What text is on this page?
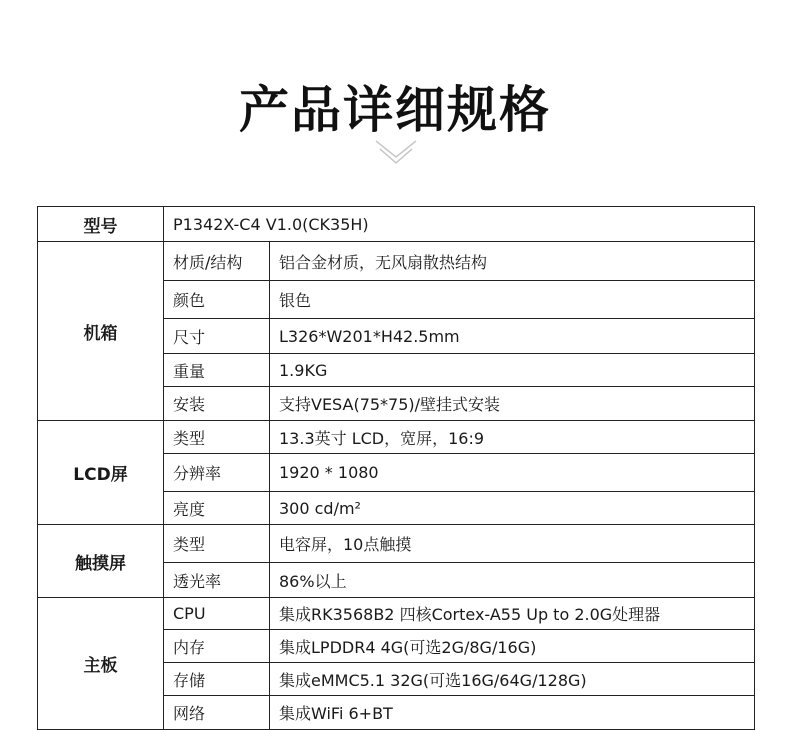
产品详细规格
型号	P1342X-C4 V1.0(CK35H)	
机箱	材质/结构	铝合金材质，无风扇散热结构
	颜色	银色
	尺寸	L326*W201*H42.5mm
	重量	1.9KG
	安装	支持VESA(75*75)/壁挂式安装
LCD屏	类型	13.3英寸 LCD，宽屏，16:9
	分辨率	1920 * 1080
	亮度	300 cd/m²
触摸屏	类型	电容屏，10点触摸
	透光率	86%以上
主板	CPU	集成RK3568B2 四核Cortex-A55 Up to 2.0G处理器
	内存	集成LPDDR4 4G(可选2G/8G/16G)
	存储	集成eMMC5.1 32G(可选16G/64G/128G)
	网络	集成WiFi 6+BT
